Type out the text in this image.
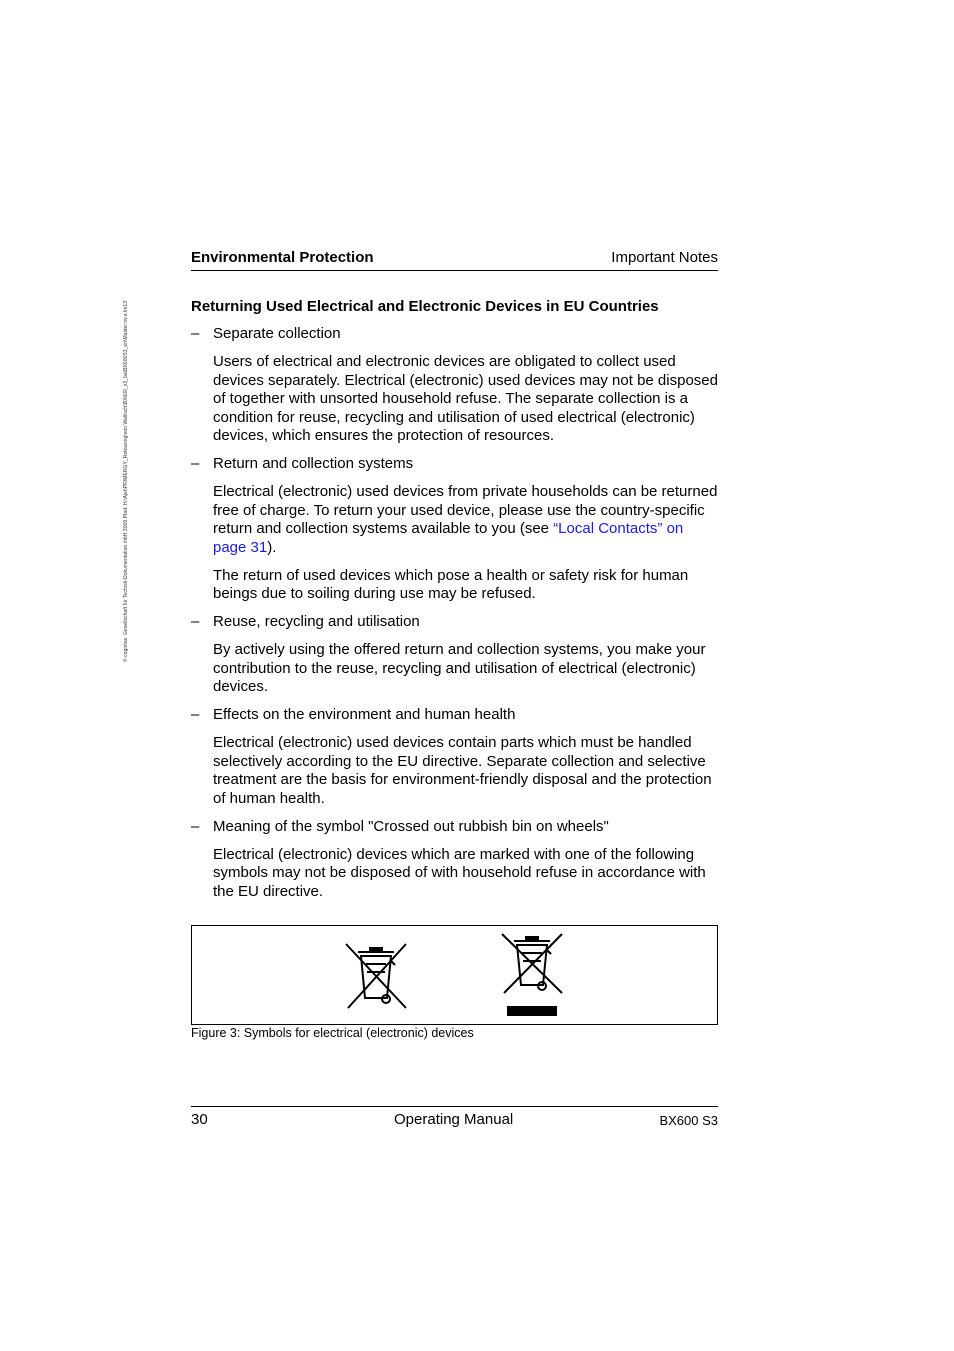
© cognitas. Gesellschaft für Technik-Dokumentation mbH 2009 Pfad: H:\Ajet\PRIMERGY_Releasing\von Wallisch\BX600_x3_ba\BX600S3_en\Master.nv.a.lm13
Environmental Protection	Important Notes
Returning Used Electrical and Electronic Devices in EU Countries
– Separate collection

Users of electrical and electronic devices are obligated to collect used devices separately. Electrical (electronic) used devices may not be disposed of together with unsorted household refuse. The separate collection is a condition for reuse, recycling and utilisation of used electrical (electronic) devices, which ensures the protection of resources.

– Return and collection systems

Electrical (electronic) used devices from private households can be returned free of charge. To return your used device, please use the country-specific return and collection systems available to you (see “Local Contacts” on page 31).

The return of used devices which pose a health or safety risk for human beings due to soiling during use may be refused.

– Reuse, recycling and utilisation

By actively using the offered return and collection systems, you make your contribution to the reuse, recycling and utilisation of electrical (electronic) devices.

– Effects on the environment and human health

Electrical (electronic) used devices contain parts which must be handled selectively according to the EU directive. Separate collection and selective treatment are the basis for environment-friendly disposal and the protection of human health.

– Meaning of the symbol "Crossed out rubbish bin on wheels"

Electrical (electronic) devices which are marked with one of the following symbols may not be disposed of with household refuse in accordance with the EU directive.

Figure 3: Symbols for electrical (electronic) devices
30	Operating Manual	BX600 S3
